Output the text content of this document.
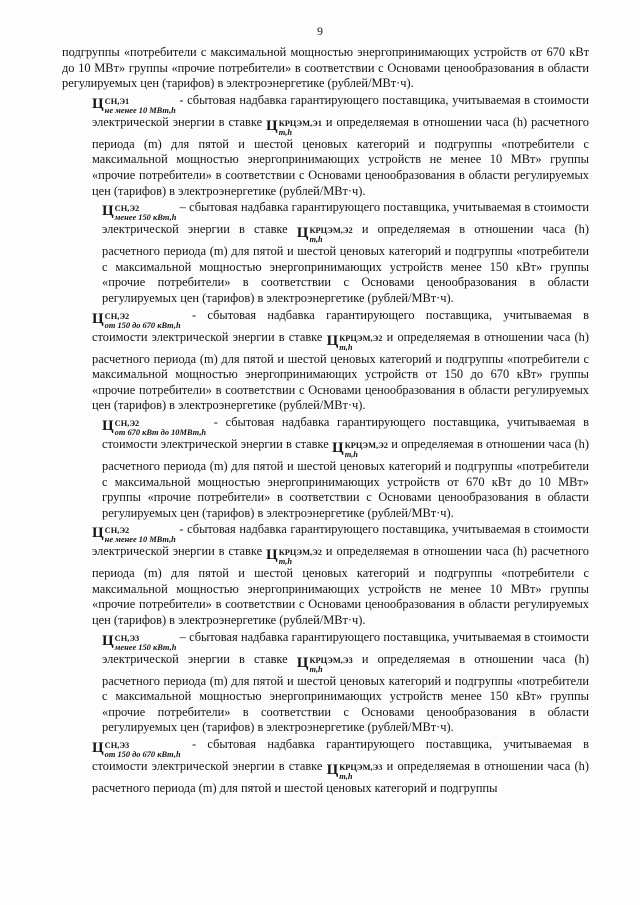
9

подгруппы «потребители с максимальной мощностью энергопринимающих устройств от 670 кВт до 10 МВт» группы «прочие потребители» в соответствии с Основами ценообразования в области регулируемых цен (тарифов) в электроэнергетике (рублей/МВт·ч).

Ц СН,Э1
не менее 10 МВт,h
- сбытовая надбавка гарантирующего поставщика, учитываемая в стоимости электрической энергии в ставке Ц КРЦЭМ,Э1
m,h
и определяемая в отношении часа (h) расчетного периода (m) для пятой и шестой ценовых категорий и подгруппы «потребители с максимальной мощностью энергопринимающих устройств не менее 10 МВт» группы «прочие потребители» в соответствии с Основами ценообразования в области регулируемых цен (тарифов) в электроэнергетике (рублей/МВт·ч).

Ц СН,Э2
менее 150 кВт,h
– сбытовая надбавка гарантирующего поставщика, учитываемая в стоимости электрической энергии в ставке Ц КРЦЭМ,Э2
m,h
и определяемая в отношении часа (h) расчетного периода (m) для пятой и шестой ценовых категорий и подгруппы «потребители с максимальной мощностью энергопринимающих устройств менее 150 кВт» группы «прочие потребители» в соответствии с Основами ценообразования в области регулируемых цен (тарифов) в электроэнергетике (рублей/МВт·ч).

Ц СН,Э2
от 150 до 670 кВт,h
- сбытовая надбавка гарантирующего поставщика, учитываемая в стоимости электрической энергии в ставке Ц КРЦЭМ,Э2
m,h
и определяемая в отношении часа (h) расчетного периода (m) для пятой и шестой ценовых категорий и подгруппы «потребители с максимальной мощностью энергопринимающих устройств от 150 до 670 кВт» группы «прочие потребители» в соответствии с Основами ценообразования в области регулируемых цен (тарифов) в электроэнергетике (рублей/МВт·ч).

Ц СН,Э2
от 670 кВт до 10МВт,h
- сбытовая надбавка гарантирующего поставщика, учитываемая в стоимости электрической энергии в ставке Ц КРЦЭМ,Э2
m,h
и определяемая в отношении часа (h) расчетного периода (m) для пятой и шестой ценовых категорий и подгруппы «потребители с максимальной мощностью энергопринимающих устройств от 670 кВт до 10 МВт» группы «прочие потребители» в соответствии с Основами ценообразования в области регулируемых цен (тарифов) в электроэнергетике (рублей/МВт·ч).

Ц СН,Э2
не менее 10 МВт,h
- сбытовая надбавка гарантирующего поставщика, учитываемая в стоимости электрической энергии в ставке Ц КРЦЭМ,Э2
m,h
и определяемая в отношении часа (h) расчетного периода (m) для пятой и шестой ценовых категорий и подгруппы «потребители с максимальной мощностью энергопринимающих устройств не менее 10 МВт» группы «прочие потребители» в соответствии с Основами ценообразования в области регулируемых цен (тарифов) в электроэнергетике (рублей/МВт·ч).

Ц СН,Э3
менее 150 кВт,h
– сбытовая надбавка гарантирующего поставщика, учитываемая в стоимости электрической энергии в ставке Ц КРЦЭМ,Э3
m,h
и определяемая в отношении часа (h) расчетного периода (m) для пятой и шестой ценовых категорий и подгруппы «потребители с максимальной мощностью энергопринимающих устройств менее 150 кВт» группы «прочие потребители» в соответствии с Основами ценообразования в области регулируемых цен (тарифов) в электроэнергетике (рублей/МВт·ч).

Ц СН,Э3
от 150 до 670 кВт,h
- сбытовая надбавка гарантирующего поставщика, учитываемая в стоимости электрической энергии в ставке Ц КРЦЭМ,Э3
m,h
и определяемая в отношении часа (h) расчетного периода (m) для пятой и шестой ценовых категорий и подгруппы
